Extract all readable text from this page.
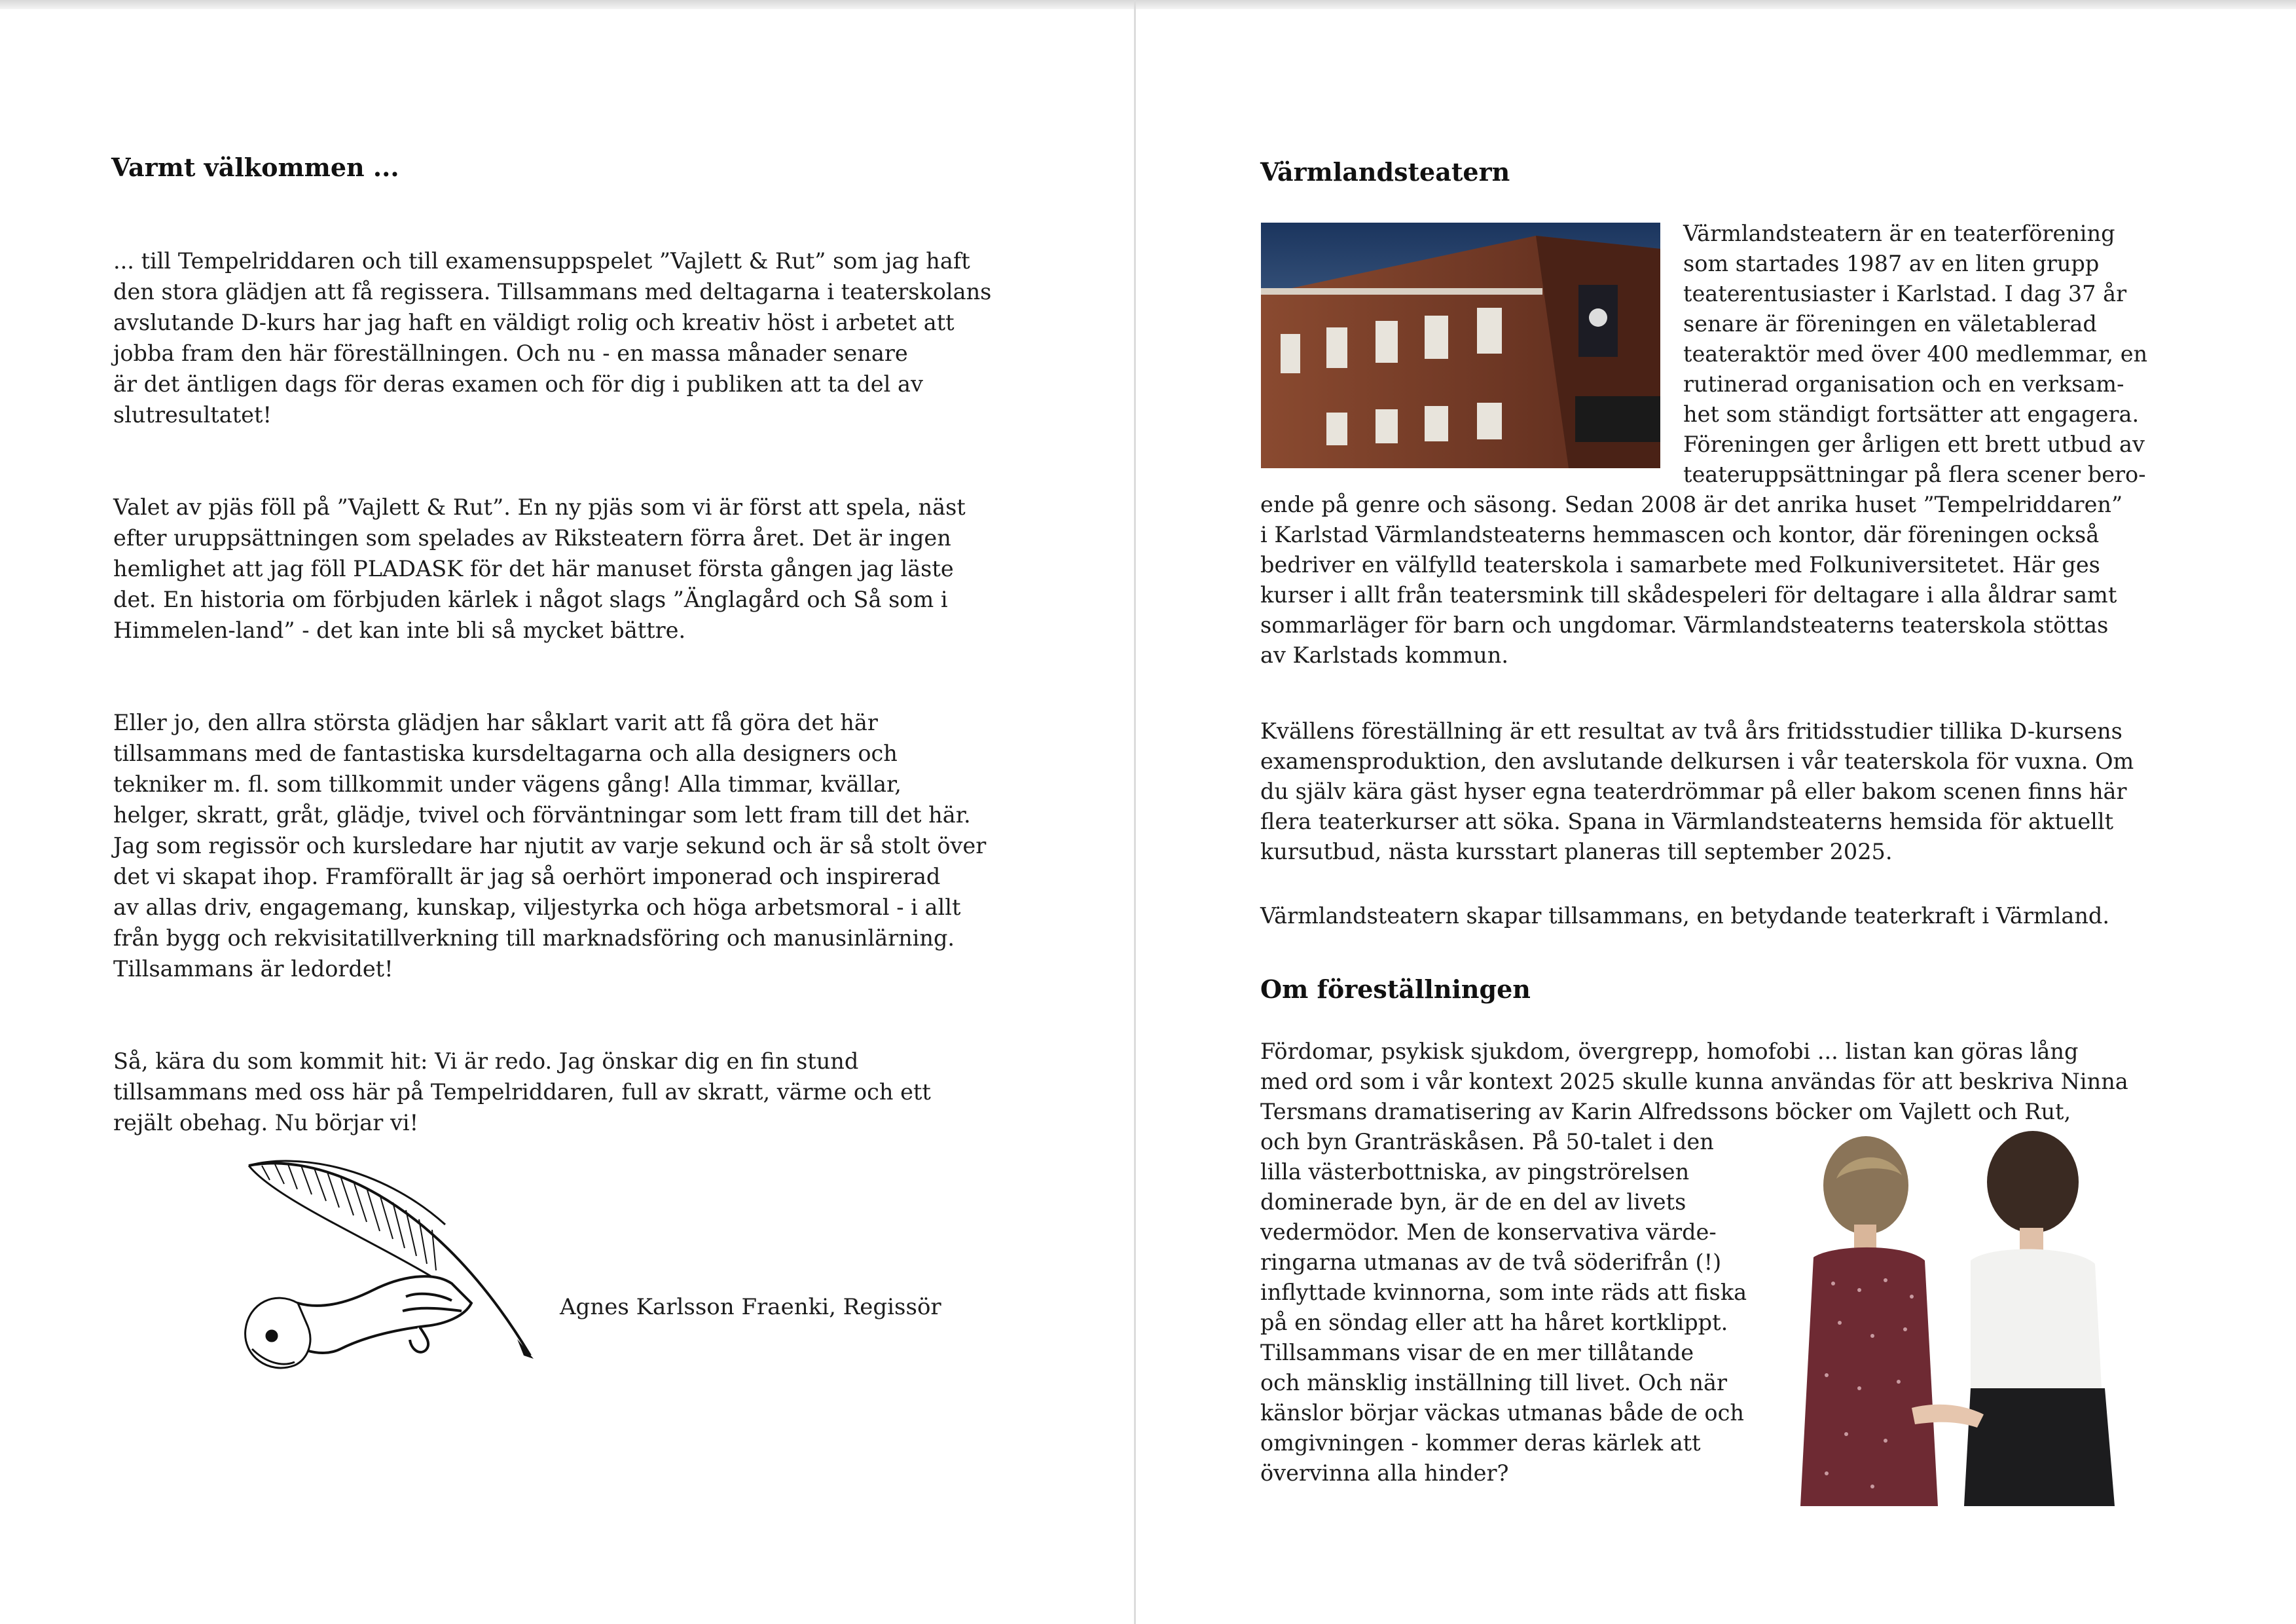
Varmt välkommen ...

... till Tempelriddaren och till examensuppspelet ”Vajlett & Rut” som jag haft
den stora glädjen att få regissera. Tillsammans med deltagarna i teaterskolans
avslutande D-kurs har jag haft en väldigt rolig och kreativ höst i arbetet att
jobba fram den här föreställningen. Och nu - en massa månader senare
är det äntligen dags för deras examen och för dig i publiken att ta del av
slutresultatet!

Valet av pjäs föll på ”Vajlett & Rut”. En ny pjäs som vi är först att spela, näst
efter uruppsättningen som spelades av Riksteatern förra året. Det är ingen
hemlighet att jag föll PLADASK för det här manuset första gången jag läste
det. En historia om förbjuden kärlek i något slags ”Änglagård och Så som i
Himmelen-land” - det kan inte bli så mycket bättre.

Eller jo, den allra största glädjen har såklart varit att få göra det här
tillsammans med de fantastiska kursdeltagarna och alla designers och
tekniker m. fl. som tillkommit under vägens gång! Alla timmar, kvällar,
helger, skratt, gråt, glädje, tvivel och förväntningar som lett fram till det här.
Jag som regissör och kursledare har njutit av varje sekund och är så stolt över
det vi skapat ihop. Framförallt är jag så oerhört imponerad och inspirerad
av allas driv, engagemang, kunskap, viljestyrka och höga arbetsmoral - i allt
från bygg och rekvisitatillverkning till marknadsföring och manusinlärning.
Tillsammans är ledordet!

Så, kära du som kommit hit: Vi är redo. Jag önskar dig en fin stund
tillsammans med oss här på Tempelriddaren, full av skratt, värme och ett
rejält obehag. Nu börjar vi!

Agnes Karlsson Fraenki, Regissör
Värmlandsteatern
Värmlandsteatern är en teaterförening
som startades 1987 av en liten grupp
teaterentusiaster i Karlstad. I dag 37 år
senare är föreningen en väletablerad
teateraktör med över 400 medlemmar, en
rutinerad organisation och en verksam-
het som ständigt fortsätter att engagera.
Föreningen ger årligen ett brett utbud av
teateruppsättningar på flera scener bero-
ende på genre och säsong. Sedan 2008 är det anrika huset ”Tempelriddaren”
i Karlstad Värmlandsteaterns hemmascen och kontor, där föreningen också
bedriver en välfylld teaterskola i samarbete med Folkuniversitetet. Här ges
kurser i allt från teatersmink till skådespeleri för deltagare i alla åldrar samt
sommarläger för barn och ungdomar. Värmlandsteaterns teaterskola stöttas
av Karlstads kommun.
Kvällens föreställning är ett resultat av två års fritidsstudier tillika D-kursens
examensproduktion, den avslutande delkursen i vår teaterskola för vuxna. Om
du själv kära gäst hyser egna teaterdrömmar på eller bakom scenen finns här
flera teaterkurser att söka. Spana in Värmlandsteaterns hemsida för aktuellt
kursutbud, nästa kursstart planeras till september 2025.
Värmlandsteatern skapar tillsammans, en betydande teaterkraft i Värmland.
Om föreställningen
Fördomar, psykisk sjukdom, övergrepp, homofobi ... listan kan göras lång
med ord som i vår kontext 2025 skulle kunna användas för att beskriva Ninna
Tersmans dramatisering av Karin Alfredssons böcker om Vajlett och Rut,
och byn Granträskåsen. På 50-talet i den
lilla västerbottniska, av pingströrelsen
dominerade byn, är de en del av livets
vedermödor. Men de konservativa värde-
ringarna utmanas av de två söderifrån (!)
inflyttade kvinnorna, som inte räds att fiska
på en söndag eller att ha håret kortklippt.
Tillsammans visar de en mer tillåtande
och mänsklig inställning till livet. Och när
känslor börjar väckas utmanas både de och
omgivningen - kommer deras kärlek att
övervinna alla hinder?
